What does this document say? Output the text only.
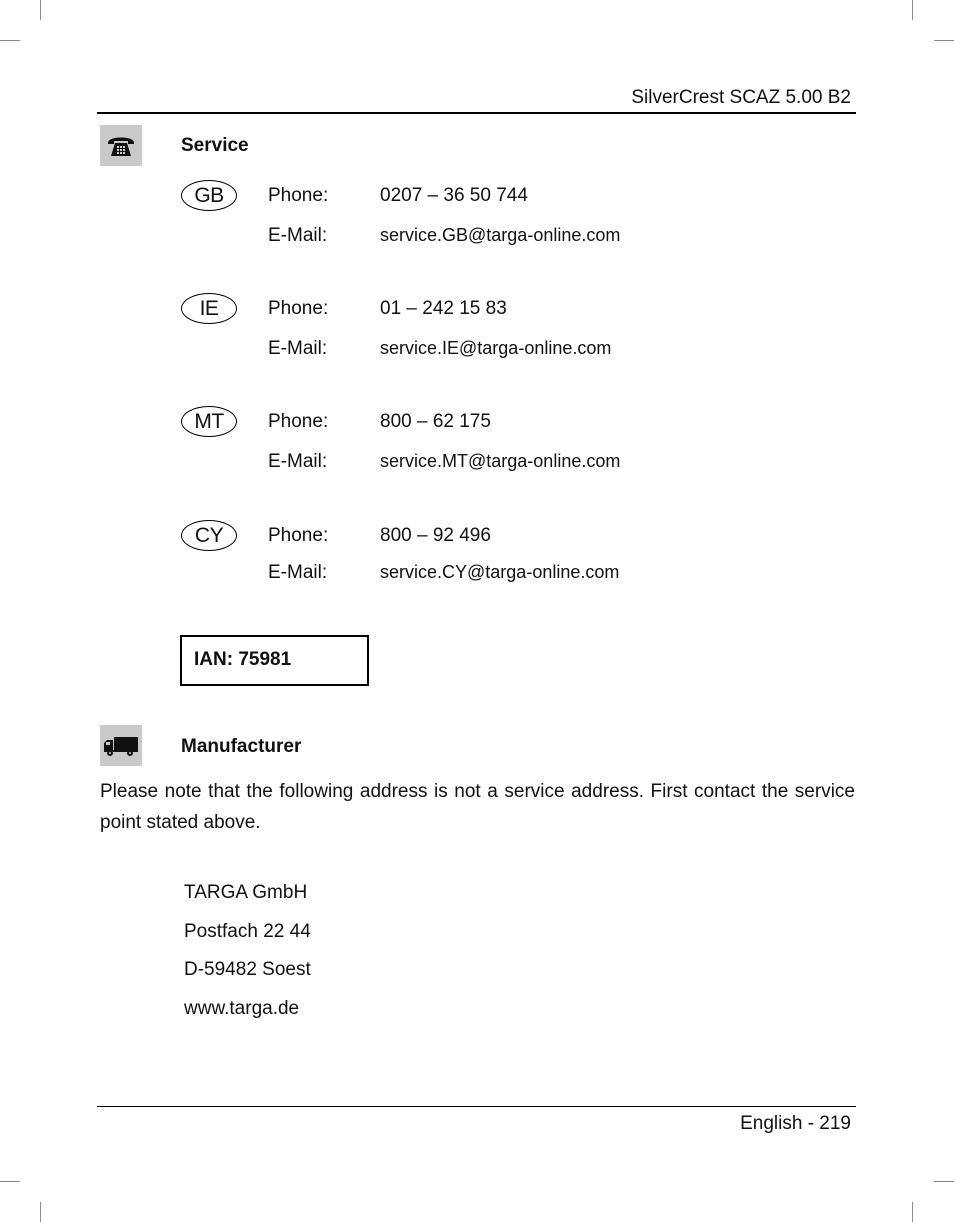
SilverCrest SCAZ 5.00 B2
Service
GB	Phone:	0207 – 36 50 744
E-Mail:	service.GB@targa-online.com
IE	Phone:	01 – 242 15 83
E-Mail:	service.IE@targa-online.com
MT	Phone:	800 – 62 175
E-Mail:	service.MT@targa-online.com
CY	Phone:	800 – 92 496
E-Mail:	service.CY@targa-online.com
IAN: 75981
Manufacturer
Please note that the following address is not a service address. First contact the service point stated above.
TARGA GmbH
Postfach 22 44
D-59482 Soest
www.targa.de
English - 219
